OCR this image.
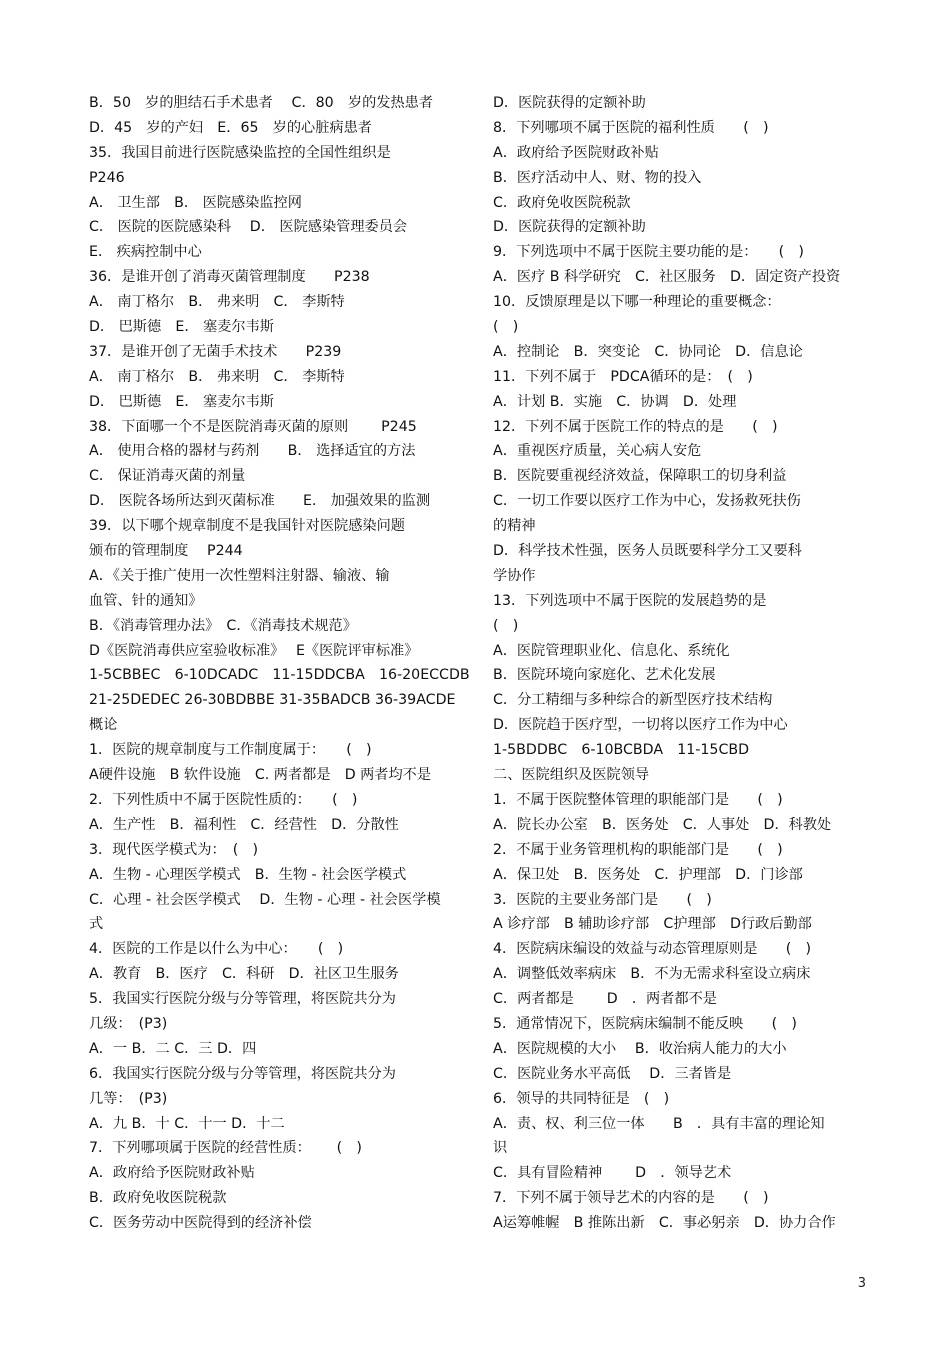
B．50　岁的胆结石手术患者　 C．80　岁的发热患者
D．45　岁的产妇　E．65　岁的心脏病患者
35．我国目前进行医院感染监控的全国性组织是
P246
A． 卫生部　B． 医院感染监控网
C． 医院的医院感染科　 D． 医院感染管理委员会
E． 疾病控制中心
36．是谁开创了消毒灭菌管理制度　　P238
A． 南丁格尔　B． 弗来明　C． 李斯特
D． 巴斯德　E． 塞麦尔韦斯
37．是谁开创了无菌手术技术　　P239
A． 南丁格尔　B． 弗来明　C． 李斯特
D． 巴斯德　E． 塞麦尔韦斯
38．下面哪一个不是医院消毒灭菌的原则　　 P245
A． 使用合格的器材与药剂　　B． 选择适宜的方法
C． 保证消毒灭菌的剂量
D． 医院各场所达到灭菌标准　　E． 加强效果的监测
39．以下哪个规章制度不是我国针对医院感染问题
颁布的管理制度　 P244
A．《关于推广使用一次性塑料注射器、输液、输
血管、针的通知》
B．《消毒管理办法》　C．《消毒技术规范》
D《医院消毒供应室验收标准》　 E《医院评审标准》
1-5CBBEC　6-10DCADC　11-15DDCBA　16-20ECCDB
21-25DEDEC 26-30BDBBE 31-35BADCB 36-39ACDE
概论
1．医院的规章制度与工作制度属于：　　(　)
A硬件设施　B 软件设施　C. 两者都是　D 两者均不是
2．下列性质中不属于医院性质的：　　(　)
A．生产性　B．福利性　C．经营性　D．分散性
3．现代医学模式为：　(　)
A．生物 - 心理医学模式　B．生物 - 社会医学模式
C．心理 - 社会医学模式　 D．生物 - 心理 - 社会医学模
式
4．医院的工作是以什么为中心：　　(　)
A．教育　B．医疗　C．科研　D．社区卫生服务
5．我国实行医院分级与分等管理，将医院共分为
几级：　(P3)
A．一 B．二 C．三 D．四
6．我国实行医院分级与分等管理，将医院共分为
几等：　(P3)
A．九 B．十 C．十一 D．十二
7．下列哪项属于医院的经营性质：　　 (　)
A．政府给予医院财政补贴
B．政府免收医院税款
C．医务劳动中医院得到的经济补偿
D．医院获得的定额补助
8．下列哪项不属于医院的福利性质　　(　)
A．政府给予医院财政补贴
B．医疗活动中人、财、物的投入
C．政府免收医院税款
D．医院获得的定额补助
9．下列选项中不属于医院主要功能的是：　　(　)
A．医疗 B 科学研究　C．社区服务　D．固定资产投资
10．反馈原理是以下哪一种理论的重要概念：
(　)
A．控制论　B．突变论　C．协同论　D．信息论
11．下列不属于　PDCA循环的是：　(　)
A．计划 B．实施　C．协调　D．处理
12．下列不属于医院工作的特点的是　　(　)
A．重视医疗质量，关心病人安危
B．医院要重视经济效益，保障职工的切身利益
C．一切工作要以医疗工作为中心，发扬救死扶伤
的精神
D．科学技术性强，医务人员既要科学分工又要科
学协作
13．下列选项中不属于医院的发展趋势的是
(　)
A．医院管理职业化、信息化、系统化
B．医院环境向家庭化、艺术化发展
C．分工精细与多种综合的新型医疗技术结构
D．医院趋于医疗型，一切将以医疗工作为中心
1-5BDDBC　6-10BCBDA　11-15CBD
二、医院组织及医院领导
1．不属于医院整体管理的职能部门是　　(　)
A．院长办公室　B．医务处　C．人事处　D．科教处
2．不属于业务管理机构的职能部门是　　(　)
A．保卫处　B．医务处　C．护理部　D．门诊部
3．医院的主要业务部门是　　(　)
A 诊疗部　B 辅助诊疗部　C护理部　D行政后勤部
4．医院病床编设的效益与动态管理原则是　　(　)
A．调整低效率病床　B．不为无需求科室设立病床
C．两者都是　　 D　．两者都不是
5．通常情况下，医院病床编制不能反映　　(　)
A．医院规模的大小　 B．收治病人能力的大小
C．医院业务水平高低　 D．三者皆是
6．领导的共同特征是　(　)
A．责、权、利三位一体　　B　．具有丰富的理论知
识
C．具有冒险精神　　 D　．领导艺术
7．下列不属于领导艺术的内容的是　　(　)
A运筹帷幄　B 推陈出新　C．事必躬亲　D．协力合作
3
